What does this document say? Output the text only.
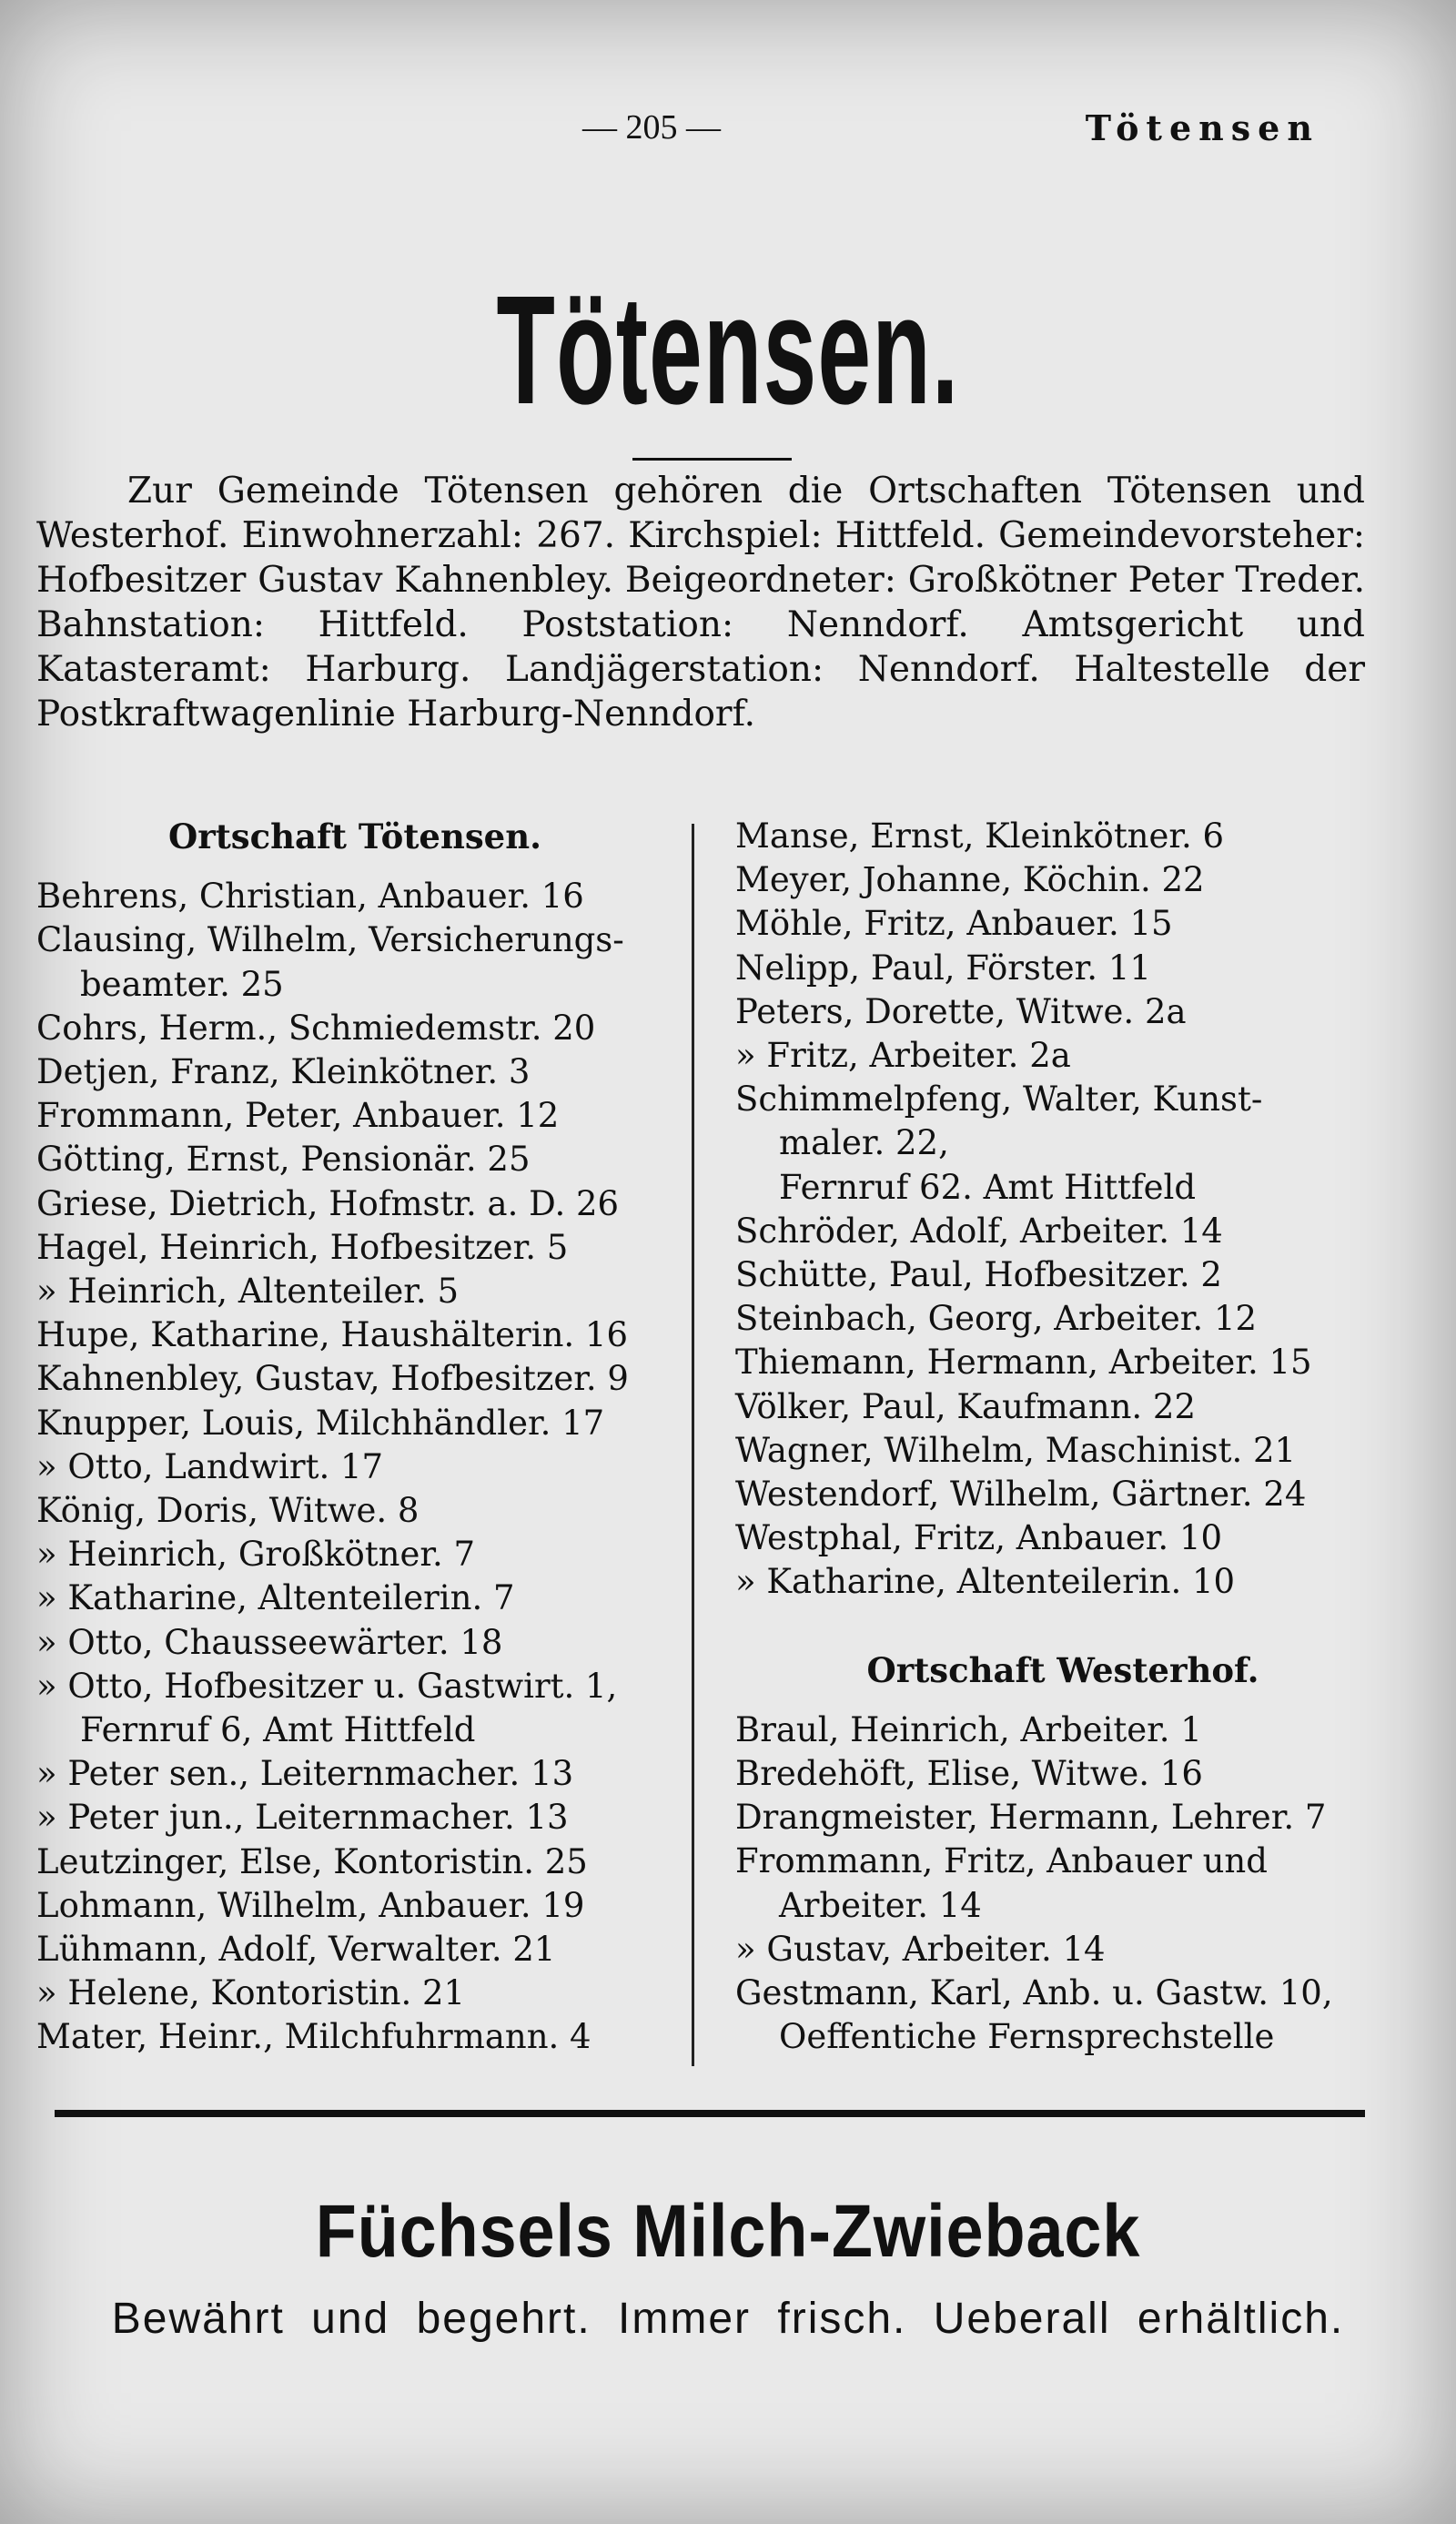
— 205 —	Tötensen
Tötensen.

Zur Gemeinde Tötensen gehören die Ortschaften Tötensen und Westerhof. Einwohnerzahl: 267. Kirchspiel: Hittfeld. Gemeindevorsteher: Hofbesitzer Gustav Kahnenbley. Beigeordneter: Großkötner Peter Treder. Bahnstation: Hittfeld. Poststation: Nenndorf. Amtsgericht und Katasteramt: Harburg. Landjägerstation: Nenndorf. Haltestelle der Postkraftwagenlinie Harburg-Nenndorf.

Ortschaft Tötensen.

Behrens, Christian, Anbauer. 16

Clausing, Wilhelm, Versicherungs-

beamter. 25

Cohrs, Herm., Schmiedemstr. 20

Detjen, Franz, Kleinkötner. 3

Frommann, Peter, Anbauer. 12

Götting, Ernst, Pensionär. 25

Griese, Dietrich, Hofmstr. a. D. 26

Hagel, Heinrich, Hofbesitzer. 5

» Heinrich, Altenteiler. 5

Hupe, Katharine, Haushälterin. 16

Kahnenbley, Gustav, Hofbesitzer. 9

Knupper, Louis, Milchhändler. 17

» Otto, Landwirt. 17

König, Doris, Witwe. 8

» Heinrich, Großkötner. 7

» Katharine, Altenteilerin. 7

» Otto, Chausseewärter. 18

» Otto, Hofbesitzer u. Gastwirt. 1,

Fernruf 6, Amt Hittfeld

» Peter sen., Leiternmacher. 13

» Peter jun., Leiternmacher. 13

Leutzinger, Else, Kontoristin. 25

Lohmann, Wilhelm, Anbauer. 19

Lühmann, Adolf, Verwalter. 21

» Helene, Kontoristin. 21

Mater, Heinr., Milchfuhrmann. 4

Manse, Ernst, Kleinkötner. 6

Meyer, Johanne, Köchin. 22

Möhle, Fritz, Anbauer. 15

Nelipp, Paul, Förster. 11

Peters, Dorette, Witwe. 2a

» Fritz, Arbeiter. 2a

Schimmelpfeng, Walter, Kunst-

maler. 22,

Fernruf 62. Amt Hittfeld

Schröder, Adolf, Arbeiter. 14

Schütte, Paul, Hofbesitzer. 2

Steinbach, Georg, Arbeiter. 12

Thiemann, Hermann, Arbeiter. 15

Völker, Paul, Kaufmann. 22

Wagner, Wilhelm, Maschinist. 21

Westendorf, Wilhelm, Gärtner. 24

Westphal, Fritz, Anbauer. 10

» Katharine, Altenteilerin. 10

Ortschaft Westerhof.

Braul, Heinrich, Arbeiter. 1

Bredehöft, Elise, Witwe. 16

Drangmeister, Hermann, Lehrer. 7

Frommann, Fritz, Anbauer und

Arbeiter. 14

» Gustav, Arbeiter. 14

Gestmann, Karl, Anb. u. Gastw. 10,

Oeffentiche Fernsprechstelle

Füchsels Milch-Zwieback
Bewährt und begehrt. Immer frisch. Ueberall erhältlich.
